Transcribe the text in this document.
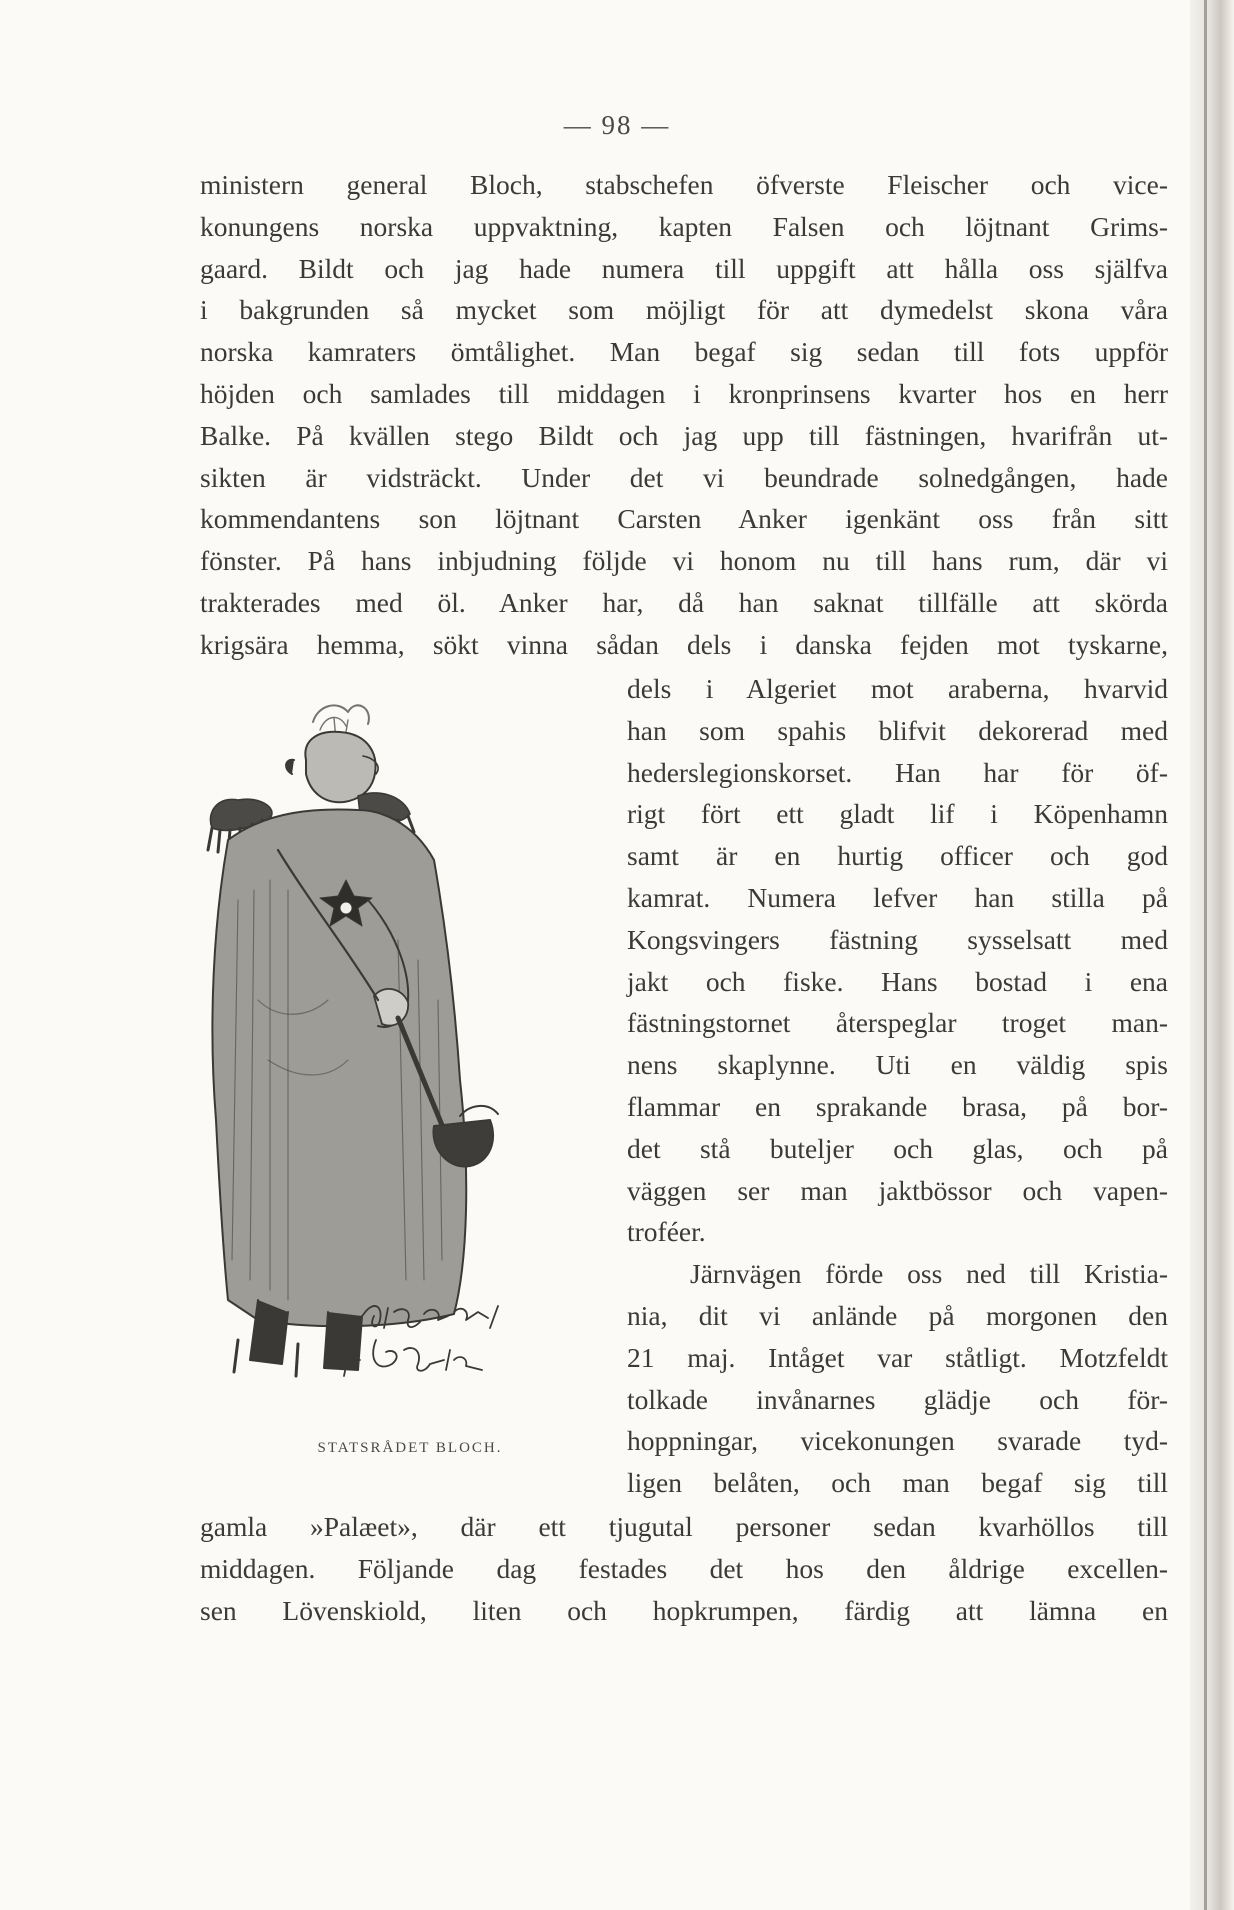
— 98 —
ministern general Bloch, stabschefen öfverste Fleischer och vice-
konungens norska uppvaktning, kapten Falsen och löjtnant Grims-
gaard. Bildt och jag hade numera till uppgift att hålla oss själfva
i bakgrunden så mycket som möjligt för att dymedelst skona våra
norska kamraters ömtålighet. Man begaf sig sedan till fots uppför
höjden och samlades till middagen i kronprinsens kvarter hos en herr
Balke. På kvällen stego Bildt och jag upp till fästningen, hvarifrån ut-
sikten är vidsträckt. Under det vi beundrade solnedgången, hade
kommendantens son löjtnant Carsten Anker igenkänt oss från sitt
fönster. På hans inbjudning följde vi honom nu till hans rum, där vi
trakterades med öl. Anker har, då han saknat tillfälle att skörda
krigsära hemma, sökt vinna sådan dels i danska fejden mot tyskarne,
dels i Algeriet mot araberna, hvarvid
han som spahis blifvit dekorerad med
hederslegionskorset. Han har för öf-
rigt fört ett gladt lif i Köpenhamn
samt är en hurtig officer och god
kamrat. Numera lefver han stilla på
Kongsvingers fästning sysselsatt med
jakt och fiske. Hans bostad i ena
fästningstornet återspeglar troget man-
nens skaplynne. Uti en väldig spis
flammar en sprakande brasa, på bor-
det stå buteljer och glas, och på
väggen ser man jaktbössor och vapen-
troféer.
Järnvägen förde oss ned till Kristia-
nia, dit vi anlände på morgonen den
21 maj. Intåget var ståtligt. Motzfeldt
tolkade invånarnes glädje och för-
hoppningar, vicekonungen svarade tyd-
ligen belåten, och man begaf sig till
gamla »Palæet», där ett tjugutal personer sedan kvarhöllos till
middagen. Följande dag festades det hos den åldrige excellen-
sen Lövenskiold, liten och hopkrumpen, färdig att lämna en
STATSRÅDET BLOCH.
